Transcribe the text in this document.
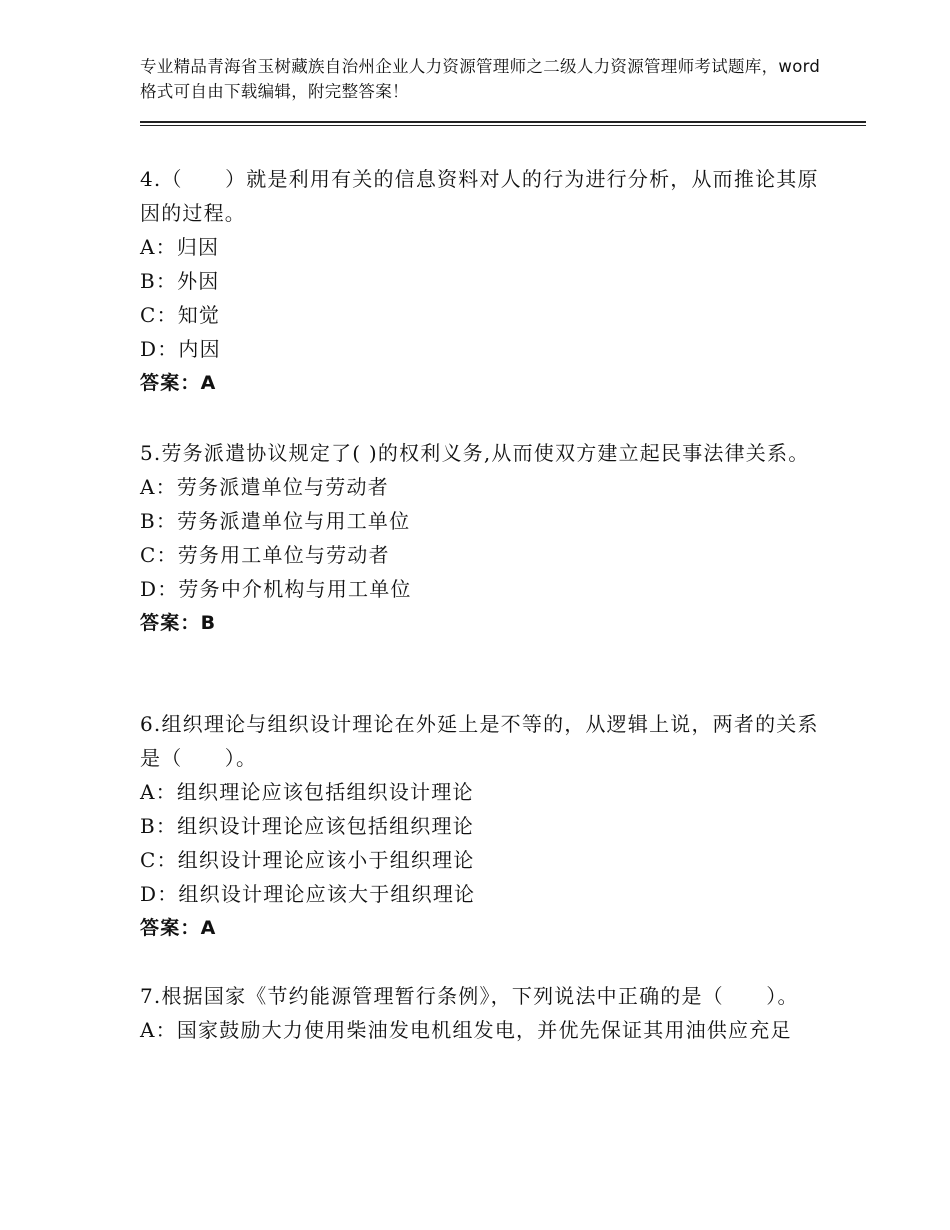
专业精品青海省玉树藏族自治州企业人力资源管理师之二级人力资源管理师考试题库，word格式可自由下载编辑，附完整答案！

4.（　　）就是利用有关的信息资料对人的行为进行分析，从而推论其原因的过程。

A：归因

B：外因

C：知觉

D：内因

答案：A

5.劳务派遣协议规定了( )的权利义务,从而使双方建立起民事法律关系。

A：劳务派遣单位与劳动者

B：劳务派遣单位与用工单位

C：劳务用工单位与劳动者

D：劳务中介机构与用工单位

答案：B

6.组织理论与组织设计理论在外延上是不等的，从逻辑上说，两者的关系是（　　）。

A：组织理论应该包括组织设计理论

B：组织设计理论应该包括组织理论

C：组织设计理论应该小于组织理论

D：组织设计理论应该大于组织理论

答案：A

7.根据国家《节约能源管理暂行条例》，下列说法中正确的是（　　）。

A：国家鼓励大力使用柴油发电机组发电，并优先保证其用油供应充足
